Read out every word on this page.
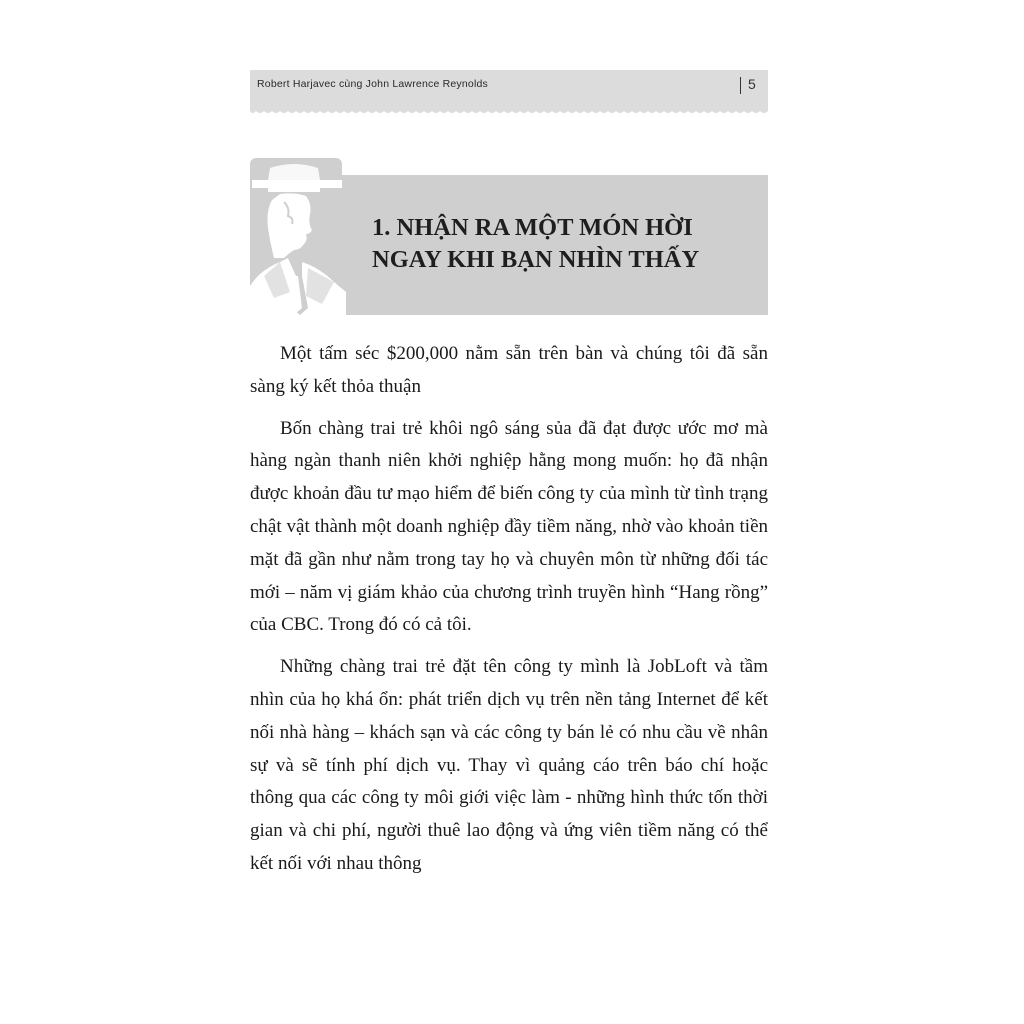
Robert Harjavec cùng John Lawrence Reynolds	5
1. NHẬN RA MỘT MÓN HỜI
NGAY KHI BẠN NHÌN THẤY

Một tấm séc $200,000 nằm sẵn trên bàn và chúng tôi đã sẵn sàng ký kết thỏa thuận

Bốn chàng trai trẻ khôi ngô sáng sủa đã đạt được ước mơ mà hàng ngàn thanh niên khởi nghiệp hằng mong muốn: họ đã nhận được khoản đầu tư mạo hiểm để biến công ty của mình từ tình trạng chật vật thành một doanh nghiệp đầy tiềm năng, nhờ vào khoản tiền mặt đã gần như nằm trong tay họ và chuyên môn từ những đối tác mới – năm vị giám khảo của chương trình truyền hình “Hang rồng” của CBC. Trong đó có cả tôi.

Những chàng trai trẻ đặt tên công ty mình là JobLoft và tầm nhìn của họ khá ổn: phát triển dịch vụ trên nền tảng Internet để kết nối nhà hàng – khách sạn và các công ty bán lẻ có nhu cầu về nhân sự và sẽ tính phí dịch vụ. Thay vì quảng cáo trên báo chí hoặc thông qua các công ty môi giới việc làm - những hình thức tốn thời gian và chi phí, người thuê lao động và ứng viên tiềm năng có thể kết nối với nhau thông
